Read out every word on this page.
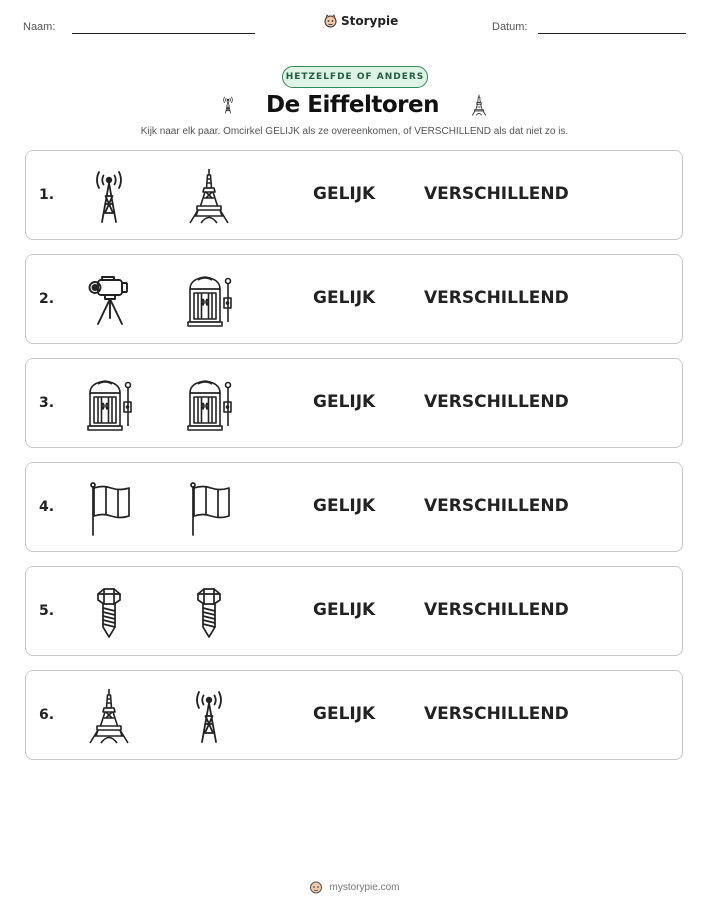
Naam:	Storypie	Datum:
HETZELFDE OF ANDERS
De Eiffeltoren
Kijk naar elk paar. Omcirkel GELIJK als ze overeenkomen, of VERSCHILLEND als dat niet zo is.
1.	GELIJK	VERSCHILLEND
2.	GELIJK	VERSCHILLEND
3.	GELIJK	VERSCHILLEND
4.	GELIJK	VERSCHILLEND
5.	GELIJK	VERSCHILLEND
6.	GELIJK	VERSCHILLEND
mystorypie.com
